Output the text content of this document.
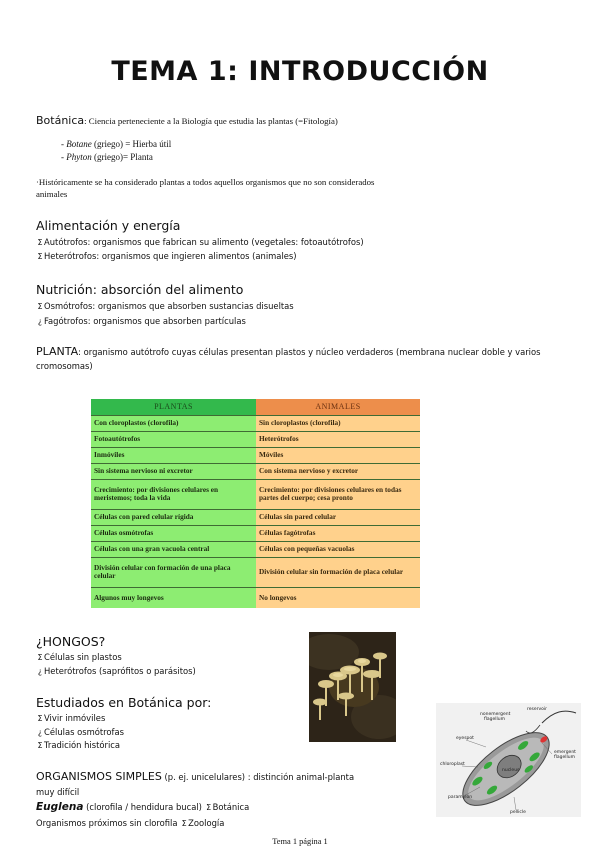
TEMA 1: INTRODUCCIÓN
Botánica: Ciencia perteneciente a la Biología que estudia las plantas (=Fitología)
- Botane (griego) = Hierba útil
- Phyton (griego)= Planta
·Históricamente se ha considerado plantas a todos aquellos organismos que no son considerados
animales
Alimentación y energía
ΣAutótrofos: organismos que fabrican su alimento (vegetales: fotoautótrofos)
ΣHeterótrofos: organismos que ingieren alimentos (animales)
Nutrición: absorción del alimento
ΣOsmótrofos: organismos que absorben sustancias disueltas
¿ Fagótrofos: organismos que absorben partículas
PLANTA: organismo autótrofo cuyas células presentan plastos y núcleo verdaderos (membrana nuclear doble y varios
cromosomas)
PLANTAS	ANIMALES
Con cloroplastos (clorofila)	Sin cloroplastos (clorofila)
Fotoautótrofos	Heterótrofos
Inmóviles	Móviles
Sin sistema nervioso ni excretor	Con sistema nervioso y excretor
Crecimiento: por divisiones celulares en meristemos; toda la vida	Crecimiento: por divisiones celulares en todas partes del cuerpo; cesa pronto
Células con pared celular rígida	Células sin pared celular
Células osmótrofas	Células fagótrofas
Células con una gran vacuola central	Células con pequeñas vacuolas
División celular con formación de una placa celular	División celular sin formación de placa celular
Algunos muy longevos	No longevos
¿HONGOS?
ΣCélulas sin plastos
¿ Heterótrofos (saprófitos o parásitos)
Estudiados en Botánica por:
ΣVivir inmóviles
¿ Células osmótrofas
ΣTradición histórica
reservoir
nonemergent
flagellum
eyespot
emergent
flagellum
chloroplast
nucleus
paramylon
pellicle
ORGANISMOS SIMPLES (p. ej. unicelulares) : distinción animal-planta
muy difícil
Euglena (clorofila / hendidura bucal) ΣBotánica
Organismos próximos sin clorofila ΣZoología
Tema 1 página 1
